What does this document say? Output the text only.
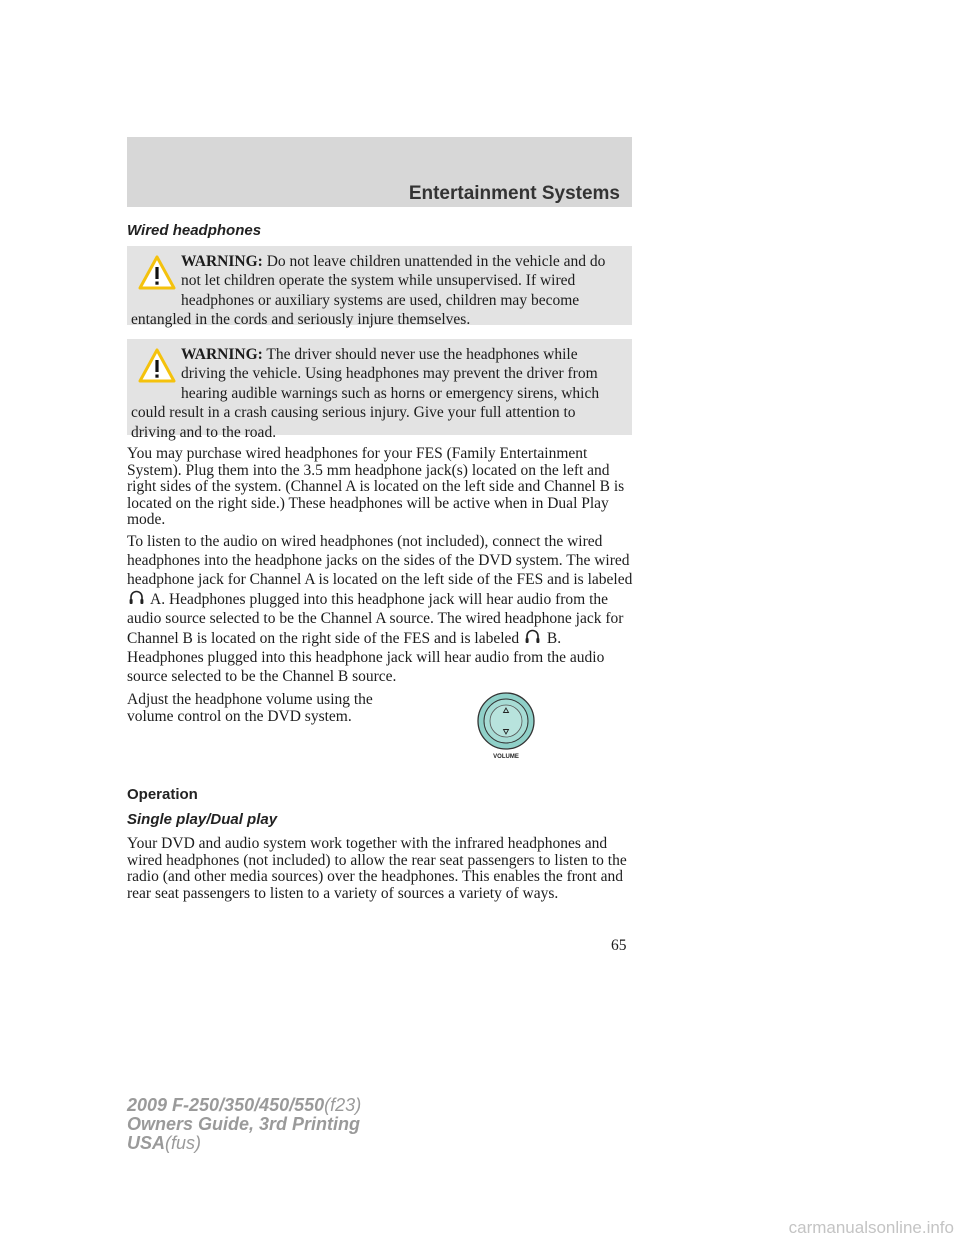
Entertainment Systems
Wired headphones
WARNING: Do not leave children unattended in the vehicle and do not let children operate the system while unsupervised. If wired headphones or auxiliary systems are used, children may become entangled in the cords and seriously injure themselves.
WARNING: The driver should never use the headphones while driving the vehicle. Using headphones may prevent the driver from hearing audible warnings such as horns or emergency sirens, which could result in a crash causing serious injury. Give your full attention to driving and to the road.
You may purchase wired headphones for your FES (Family Entertainment System). Plug them into the 3.5 mm headphone jack(s) located on the left and right sides of the system. (Channel A is located on the left side and Channel B is located on the right side.) These headphones will be active when in Dual Play mode.
To listen to the audio on wired headphones (not included), connect the wired headphones into the headphone jacks on the sides of the DVD system. The wired headphone jack for Channel A is located on the left side of the FES and is labeled  A. Headphones plugged into this headphone jack will hear audio from the audio source selected to be the Channel A source. The wired headphone jack for Channel B is located on the right side of the FES and is labeled B. Headphones plugged into this headphone jack will hear audio from the audio source selected to be the Channel B source.
Adjust the headphone volume using the volume control on the DVD system.
VOLUME
Operation
Single play/Dual play
Your DVD and audio system work together with the infrared headphones and wired headphones (not included) to allow the rear seat passengers to listen to the radio (and other media sources) over the headphones. This enables the front and rear seat passengers to listen to a variety of sources a variety of ways.
65
2009 F-250/350/450/550(f23)
Owners Guide, 3rd Printing
USA(fus)
carmanualsonline.info
